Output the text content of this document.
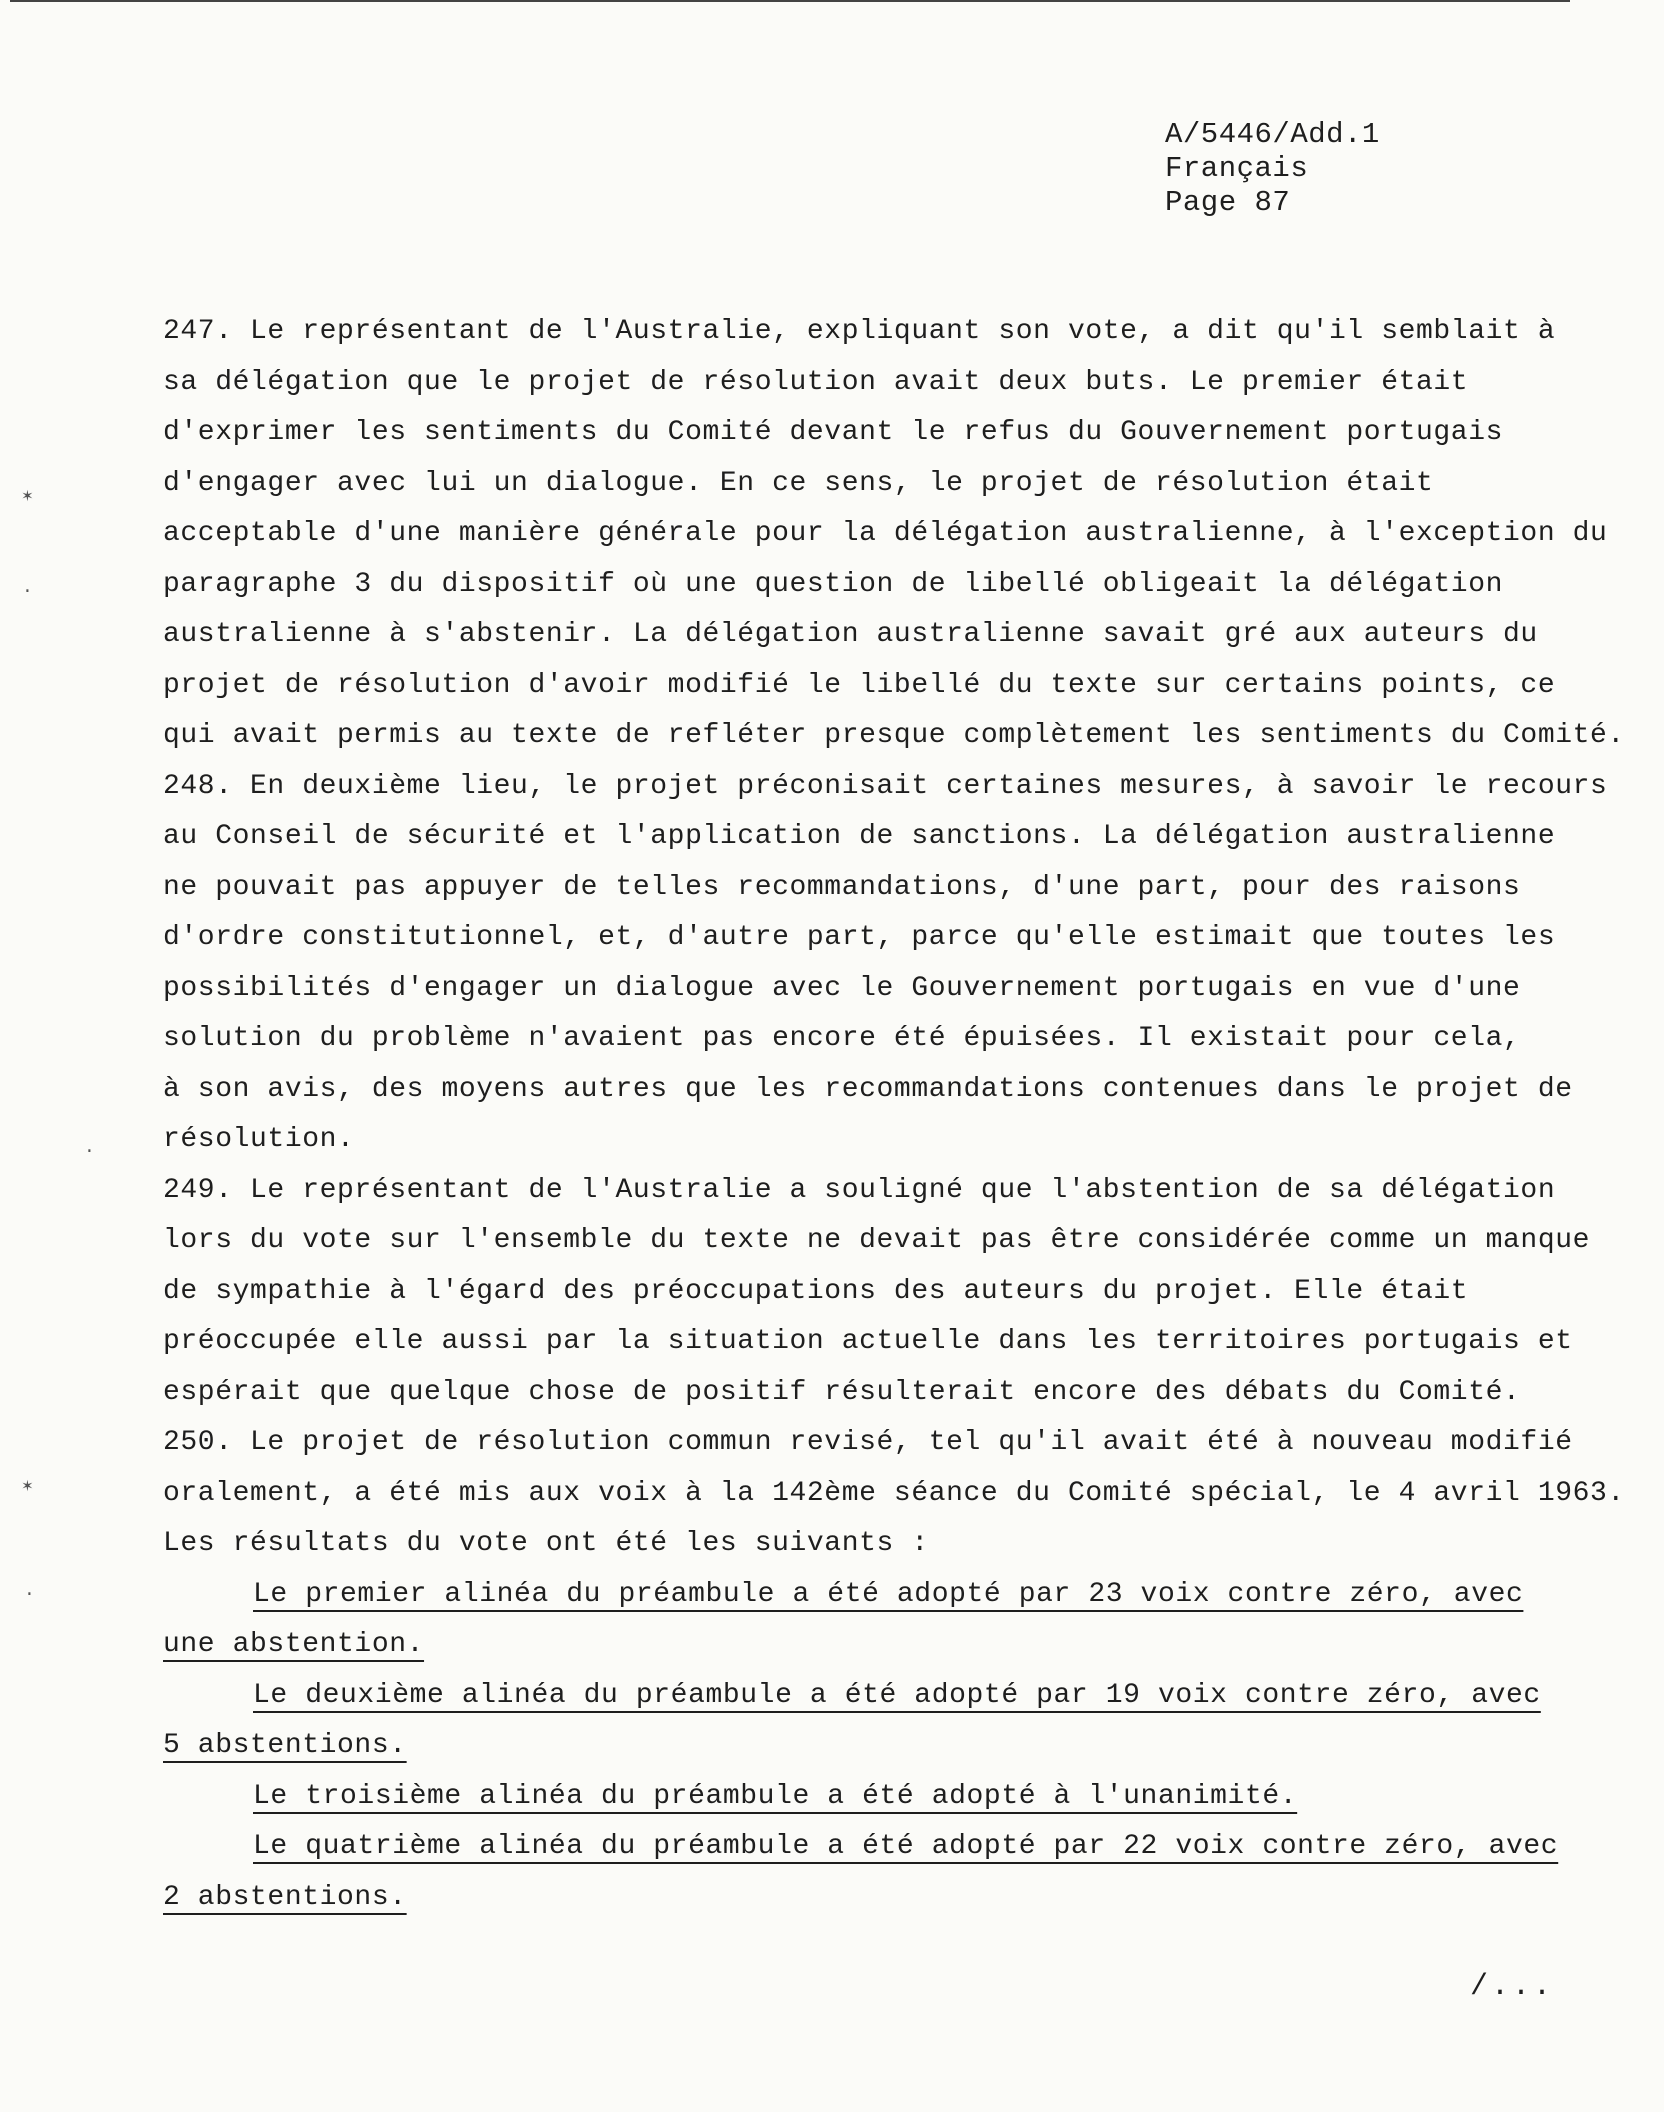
✶
·
·
✶
·
A/5446/Add.1
Français
Page 87
247. Le représentant de l'Australie, expliquant son vote, a dit qu'il semblait à
sa délégation que le projet de résolution avait deux buts. Le premier était
d'exprimer les sentiments du Comité devant le refus du Gouvernement portugais
d'engager avec lui un dialogue. En ce sens, le projet de résolution était
acceptable d'une manière générale pour la délégation australienne, à l'exception du
paragraphe 3 du dispositif où une question de libellé obligeait la délégation
australienne à s'abstenir. La délégation australienne savait gré aux auteurs du
projet de résolution d'avoir modifié le libellé du texte sur certains points, ce
qui avait permis au texte de refléter presque complètement les sentiments du Comité.
248. En deuxième lieu, le projet préconisait certaines mesures, à savoir le recours
au Conseil de sécurité et l'application de sanctions. La délégation australienne
ne pouvait pas appuyer de telles recommandations, d'une part, pour des raisons
d'ordre constitutionnel, et, d'autre part, parce qu'elle estimait que toutes les
possibilités d'engager un dialogue avec le Gouvernement portugais en vue d'une
solution du problème n'avaient pas encore été épuisées. Il existait pour cela,
à son avis, des moyens autres que les recommandations contenues dans le projet de
résolution.
249. Le représentant de l'Australie a souligné que l'abstention de sa délégation
lors du vote sur l'ensemble du texte ne devait pas être considérée comme un manque
de sympathie à l'égard des préoccupations des auteurs du projet. Elle était
préoccupée elle aussi par la situation actuelle dans les territoires portugais et
espérait que quelque chose de positif résulterait encore des débats du Comité.
250. Le projet de résolution commun revisé, tel qu'il avait été à nouveau modifié
oralement, a été mis aux voix à la 142ème séance du Comité spécial, le 4 avril 1963.
Les résultats du vote ont été les suivants :
Le premier alinéa du préambule a été adopté par 23 voix contre zéro, avec
une abstention.
Le deuxième alinéa du préambule a été adopté par 19 voix contre zéro, avec
5 abstentions.
Le troisième alinéa du préambule a été adopté à l'unanimité.
Le quatrième alinéa du préambule a été adopté par 22 voix contre zéro, avec
2 abstentions.
/...
